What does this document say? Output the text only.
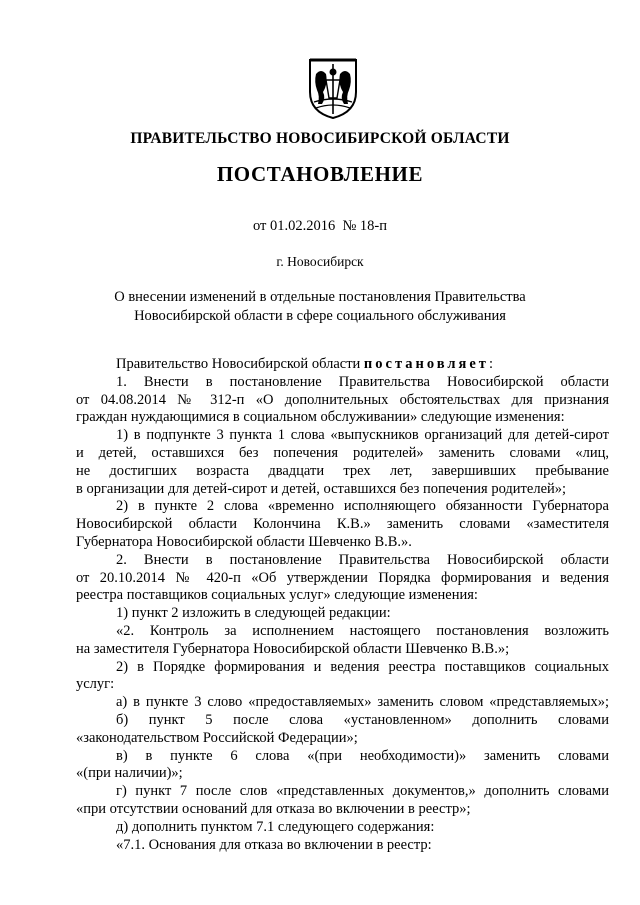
ПРАВИТЕЛЬСТВО НОВОСИБИРСКОЙ ОБЛАСТИ
ПОСТАНОВЛЕНИЕ
от 01.02.2016  № 18-п
г. Новосибирск
О внесении изменений в отдельные постановления Правительства
Новосибирской области в сфере социального обслуживания

Правительство Новосибирской области постановляет:

1. Внести в постановление Правительства Новосибирской области

от 04.08.2014 № 312-п «О дополнительных обстоятельствах для признания

граждан нуждающимися в социальном обслуживании» следующие изменения:

1) в подпункте 3 пункта 1 слова «выпускников организаций для детей-сирот

и детей, оставшихся без попечения родителей» заменить словами «лиц,

не достигших возраста двадцати трех лет, завершивших пребывание

в организации для детей-сирот и детей, оставшихся без попечения родителей»;

2) в пункте 2 слова «временно исполняющего обязанности Губернатора

Новосибирской области Колончина К.В.» заменить словами «заместителя

Губернатора Новосибирской области Шевченко В.В.».

2. Внести в постановление Правительства Новосибирской области

от 20.10.2014 № 420-п «Об утверждении Порядка формирования и ведения

реестра поставщиков социальных услуг» следующие изменения:

1) пункт 2 изложить в следующей редакции:

«2. Контроль за исполнением настоящего постановления возложить

на заместителя Губернатора Новосибирской области Шевченко В.В.»;

2) в Порядке формирования и ведения реестра поставщиков социальных

услуг:

а) в пункте 3 слово «предоставляемых» заменить словом «представляемых»;

б) пункт 5 после слова «установленном» дополнить словами

«законодательством Российской Федерации»;

в) в пункте 6 слова «(при необходимости)» заменить словами

«(при наличии)»;

г) пункт 7 после слов «представленных документов,» дополнить словами

«при отсутствии оснований для отказа во включении в реестр»;

д) дополнить пунктом 7.1 следующего содержания:

«7.1. Основания для отказа во включении в реестр:
